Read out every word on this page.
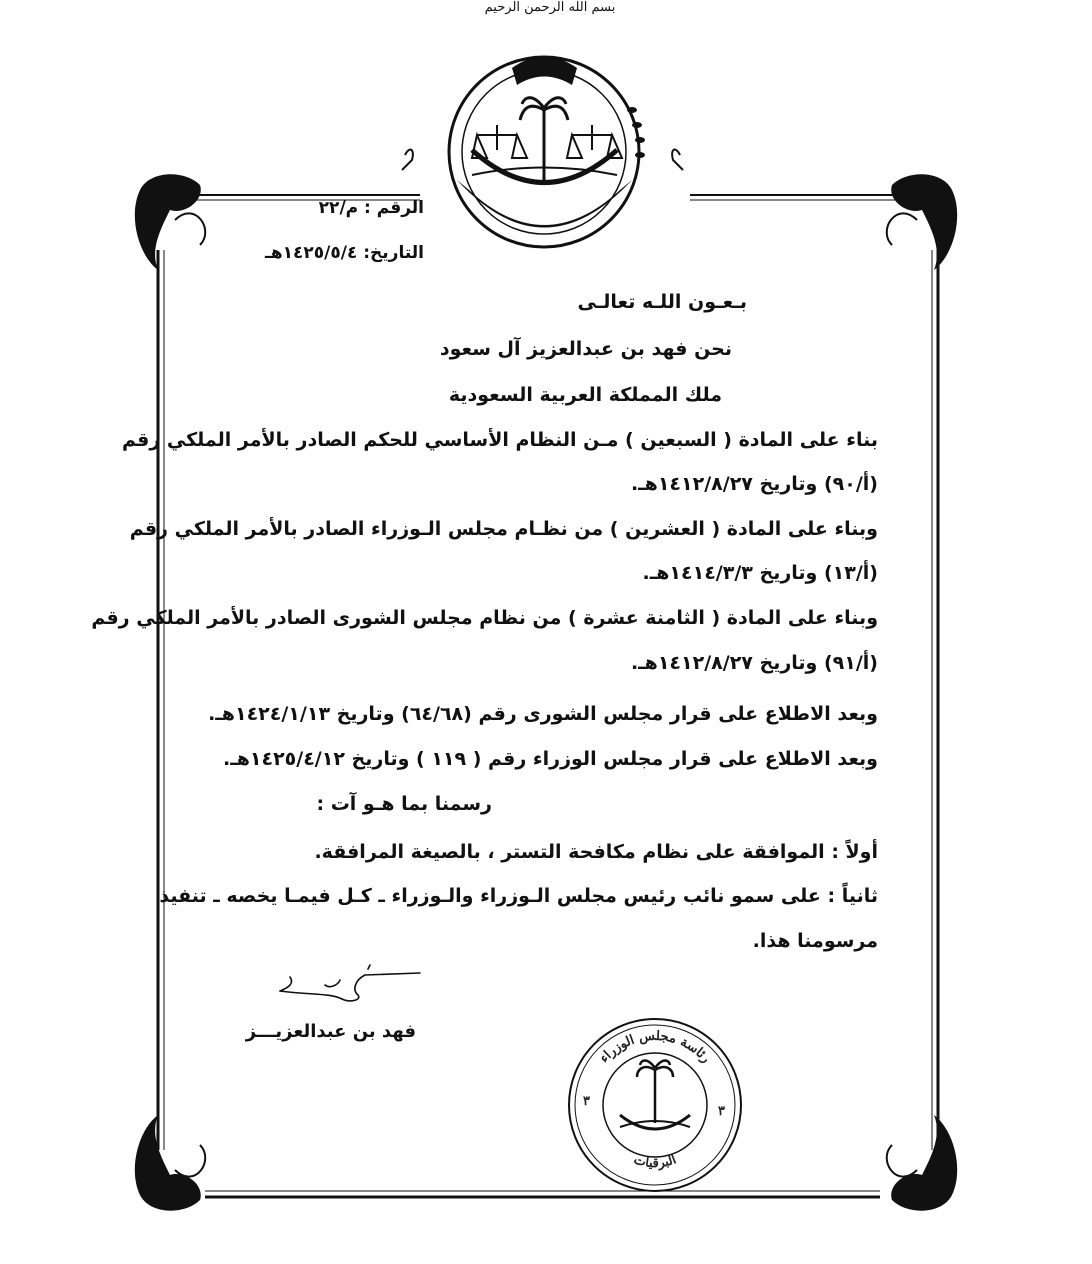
بسم الله الرحمن الرحيم
الرقم : م/٢٢
التاريخ: ١٤٢٥/٥/٤هـ
بـعـون اللـه تعالـى
نحن فهد بن عبدالعزيز آل سعود
ملك المملكة العربية السعودية
بناء على المادة ( السبعين ) مـن النظام الأساسي للحكم الصادر بالأمر الملكي رقم
(أ/٩٠) وتاريخ ١٤١٢/٨/٢٧هـ.
وبناء على المادة ( العشرين ) من نظـام مجلس الـوزراء الصادر بالأمر الملكي رقم
(أ/١٣) وتاريخ ١٤١٤/٣/٣هـ.
وبناء على المادة ( الثامنة عشرة ) من نظام مجلس الشورى الصادر بالأمر الملكي رقم
(أ/٩١) وتاريخ ١٤١٢/٨/٢٧هـ.
وبعد الاطلاع على قرار مجلس الشورى رقم (٦٤/٦٨) وتاريخ ١٤٢٤/١/١٣هـ.
وبعد الاطلاع على قرار مجلس الوزراء رقم ( ١١٩ ) وتاريخ ١٤٢٥/٤/١٢هـ.
رسمنا بما هـو آت :
أولاً : الموافقة على نظام مكافحة التستر ، بالصيغة المرافقة.
ثانياً : على سمو نائب رئيس مجلس الـوزراء والـوزراء ـ كـل فيمـا يخصه ـ تنفيذ
مرسومنا هذا.
فهد بن عبدالعزيـــز
رئاسة مجلس الوزراء
البرقيات
٣
٣
